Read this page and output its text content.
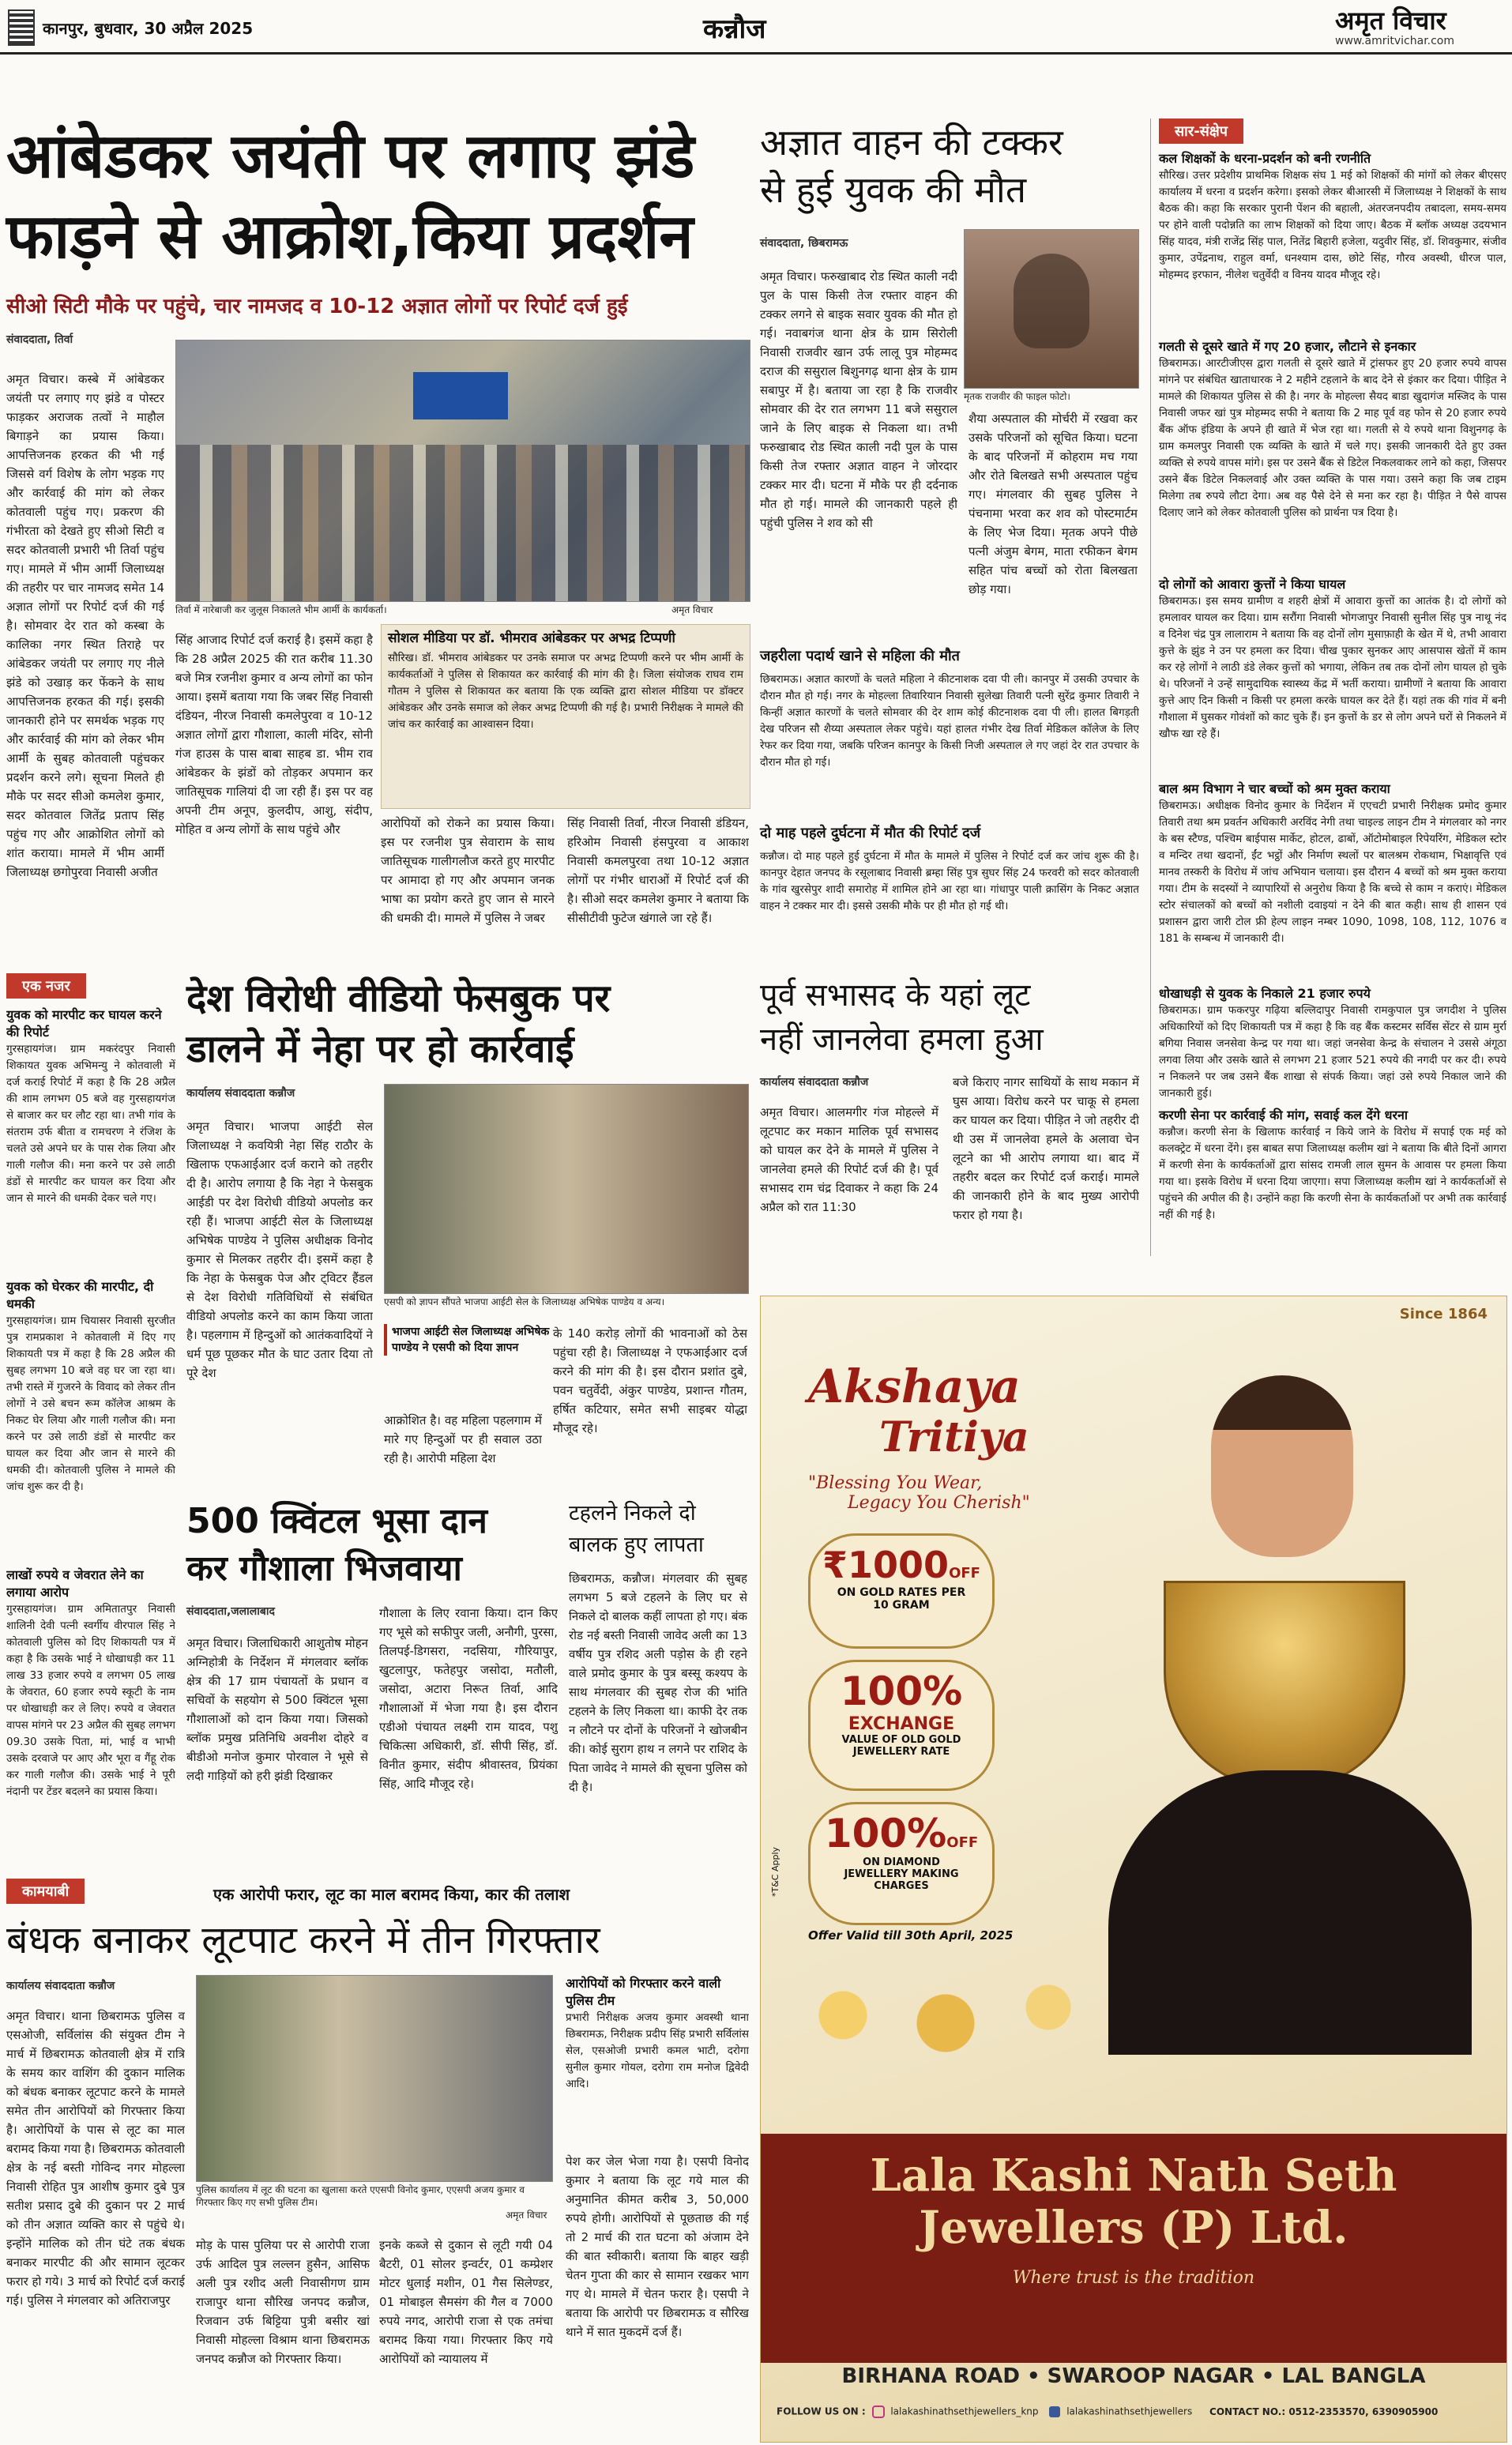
कानपुर, बुधवार, 30 अप्रैल 2025	कन्नौज	अमृत विचार
www.amritvichar.com
आंबेडकर जयंती पर लगाए झंडे
फाड़ने से आक्रोश,किया प्रदर्शन
सीओ सिटी मौके पर पहुंचे, चार नामजद व 10-12 अज्ञात लोगों पर रिपोर्ट दर्ज हुई
संवाददाता, तिर्वा

अमृत विचार। कस्बे में आंबेडकर जयंती पर लगाए गए झंडे व पोस्टर फाड़कर अराजक तत्वों ने माहौल बिगाड़ने का प्रयास किया। आपत्तिजनक हरकत की भी गई जिससे वर्ग विशेष के लोग भड़क गए और कार्रवाई की मांग को लेकर कोतवाली पहुंच गए। प्रकरण की गंभीरता को देखते हुए सीओ सिटी व सदर कोतवाली प्रभारी भी तिर्वा पहुंच गए। मामले में भीम आर्मी जिलाध्यक्ष की तहरीर पर चार नामजद समेत 14 अज्ञात लोगों पर रिपोर्ट दर्ज की गई है। सोमवार देर रात को कस्बा के कालिका नगर स्थित तिराहे पर आंबेडकर जयंती पर लगाए गए नीले झंडे को उखाड़ कर फेंकने के साथ आपत्तिजनक हरकत की गई। इसकी जानकारी होने पर समर्थक भड़क गए और कार्रवाई की मांग को लेकर भीम आर्मी के सुबह कोतवाली पहुंचकर प्रदर्शन करने लगे। सूचना मिलते ही मौके पर सदर सीओ कमलेश कुमार, सदर कोतवाल जितेंद्र प्रताप सिंह पहुंच गए और आक्रोशित लोगों को शांत कराया। मामले में भीम आर्मी जिलाध्यक्ष छगोपुरवा निवासी अजीत

तिर्वा में नारेबाजी कर जुलूस निकालते भीम आर्मी के कार्यकर्ता।	अमृत विचार

सिंह आजाद रिपोर्ट दर्ज कराई है। इसमें कहा है कि 28 अप्रैल 2025 की रात करीब 11.30 बजे मित्र रजनीश कुमार व अन्य लोगों का फोन आया। इसमें बताया गया कि जबर सिंह निवासी दंडियन, नीरज निवासी कमलेपुरवा व 10-12 अज्ञात लोगों द्वारा गौशाला, काली मंदिर, सोनी गंज हाउस के पास बाबा साहब डा. भीम राव आंबेडकर के झंडों को तोड़कर अपमान कर जातिसूचक गालियां दी जा रही हैं। इस पर वह अपनी टीम अनूप, कुलदीप, आशु, संदीप, मोहित व अन्य लोगों के साथ पहुंचे और

सोशल मीडिया पर डॉ. भीमराव आंबेडकर पर अभद्र टिप्पणी

सौरिख। डॉ. भीमराव आंबेडकर पर उनके समाज पर अभद्र टिप्पणी करने पर भीम आर्मी के कार्यकर्ताओं ने पुलिस से शिकायत कर कार्रवाई की मांग की है। जिला संयोजक राघव राम गौतम ने पुलिस से शिकायत कर बताया कि एक व्यक्ति द्वारा सोशल मीडिया पर डॉक्टर आंबेडकर और उनके समाज को लेकर अभद्र टिप्पणी की गई है। प्रभारी निरीक्षक ने मामले की जांच कर कार्रवाई का आश्वासन दिया।

आरोपियों को रोकने का प्रयास किया। इस पर रजनीश पुत्र सेवाराम के साथ जातिसूचक गालीगलौज करते हुए मारपीट पर आमादा हो गए और अपमान जनक भाषा का प्रयोग करते हुए जान से मारने की धमकी दी। मामले में पुलिस ने जबर

सिंह निवासी तिर्वा, नीरज निवासी डंडियन, हरिओम निवासी हंसपुरवा व आकाश निवासी कमलपुरवा तथा 10-12 अज्ञात लोगों पर गंभीर धाराओं में रिपोर्ट दर्ज की है। सीओ सदर कमलेश कुमार ने बताया कि सीसीटीवी फुटेज खंगाले जा रहे हैं।

अज्ञात वाहन की टक्कर
से हुई युवक की मौत
संवाददाता, छिबरामऊ
मृतक राजवीर की फाइल फोटो।

अमृत विचार। फरुखाबाद रोड स्थित काली नदी पुल के पास किसी तेज रफ्तार वाहन की टक्कर लगने से बाइक सवार युवक की मौत हो गई। नवाबगंज थाना क्षेत्र के ग्राम सिरोली निवासी राजवीर खान उर्फ लालू पुत्र मोहम्मद दराज की ससुराल बिशुनगढ़ थाना क्षेत्र के ग्राम सबापुर में है। बताया जा रहा है कि राजवीर सोमवार की देर रात लगभग 11 बजे ससुराल जाने के लिए बाइक से निकला था। तभी फरुखाबाद रोड स्थित काली नदी पुल के पास किसी तेज रफ्तार अज्ञात वाहन ने जोरदार टक्कर मार दी। घटना में मौके पर ही दर्दनाक मौत हो गई। मामले की जानकारी पहले ही पहुंची पुलिस ने शव को सी

शैया अस्पताल की मोर्चरी में रखवा कर उसके परिजनों को सूचित किया। घटना के बाद परिजनों में कोहराम मच गया और रोते बिलखते सभी अस्पताल पहुंच गए। मंगलवार की सुबह पुलिस ने पंचनामा भरवा कर शव को पोस्टमार्टम के लिए भेज दिया। मृतक अपने पीछे पत्नी अंजुम बेगम, माता रफीकन बेगम सहित पांच बच्चों को रोता बिलखता छोड़ गया।

जहरीला पदार्थ खाने से महिला की मौत

छिबरामऊ। अज्ञात कारणों के चलते महिला ने कीटनाशक दवा पी ली। कानपुर में उसकी उपचार के दौरान मौत हो गई। नगर के मोहल्ला तिवारियान निवासी सुलेखा तिवारी पत्नी सुरेंद्र कुमार तिवारी ने किन्हीं अज्ञात कारणों के चलते सोमवार की देर शाम कोई कीटनाशक दवा पी ली। हालत बिगड़ती देख परिजन सौ शैय्या अस्पताल लेकर पहुंचे। यहां हालत गंभीर देख तिर्वा मेडिकल कॉलेज के लिए रेफर कर दिया गया, जबकि परिजन कानपुर के किसी निजी अस्पताल ले गए जहां देर रात उपचार के दौरान मौत हो गई।

दो माह पहले दुर्घटना में मौत की रिपोर्ट दर्ज

कन्नौज। दो माह पहले हुई दुर्घटना में मौत के मामले में पुलिस ने रिपोर्ट दर्ज कर जांच शुरू की है। कानपुर देहात जनपद के रसूलाबाद निवासी ब्रम्हा सिंह पुत्र सुघर सिंह 24 फरवरी को सदर कोतवाली के गांव खुरसेपुर शादी समारोह में शामिल होने आ रहा था। गांधापुर पाली क्रासिंग के निकट अज्ञात वाहन ने टक्कर मार दी। इससे उसकी मौके पर ही मौत हो गई थी।

सार-संक्षेप
कल शिक्षकों के धरना-प्रदर्शन को बनी रणनीति

सौरिख। उत्तर प्रदेशीय प्राथमिक शिक्षक संघ 1 मई को शिक्षकों की मांगों को लेकर बीएसए कार्यालय में धरना व प्रदर्शन करेगा। इसको लेकर बीआरसी में जिलाध्यक्ष ने शिक्षकों के साथ बैठक की। कहा कि सरकार पुरानी पेंशन की बहाली, अंतरजनपदीय तबादला, समय-समय पर होने वाली पदोन्नति का लाभ शिक्षकों को दिया जाए। बैठक में ब्लॉक अध्यक्ष उदयभान सिंह यादव, मंत्री राजेंद्र सिंह पाल, नितेंद्र बिहारी हजेला, यदुवीर सिंह, डॉ. शिवकुमार, संजीव कुमार, उपेंद्रनाथ, राहुल वर्मा, धनश्याम दास, छोटे सिंह, गौरव अवस्थी, धीरज पाल, मोहम्मद इरफान, नीलेश चतुर्वेदी व विनय यादव मौजूद रहे।

गलती से दूसरे खाते में गए 20 हजार, लौटाने से इनकार

छिबरामऊ। आरटीजीएस द्वारा गलती से दूसरे खाते में ट्रांसफर हुए 20 हजार रुपये वापस मांगने पर संबंधित खाताधारक ने 2 महीने टहलाने के बाद देने से इंकार कर दिया। पीड़ित ने मामले की शिकायत पुलिस से की है। नगर के मोहल्ला सैयद बाडा खुदागंज मस्जिद के पास निवासी जफर खां पुत्र मोहम्मद सफी ने बताया कि 2 माह पूर्व वह फोन से 20 हजार रुपये बैंक ऑफ इंडिया के अपने ही खाते में भेज रहा था। गलती से ये रुपये थाना विशुनगढ़ के ग्राम कमलपुर निवासी एक व्यक्ति के खाते में चले गए। इसकी जानकारी देते हुए उक्त व्यक्ति से रुपये वापस मांगे। इस पर उसने बैंक से डिटेल निकलवाकर लाने को कहा, जिसपर उसने बैंक डिटेल निकलवाई और उक्त व्यक्ति के पास गया। उसने कहा कि जब टाइम मिलेगा तब रुपये लौटा देगा। अब वह पैसे देने से मना कर रहा है। पीड़ित ने पैसे वापस दिलाए जाने को लेकर कोतवाली पुलिस को प्रार्थना पत्र दिया है।

दो लोगों को आवारा कुत्तों ने किया घायल

छिबरामऊ। इस समय ग्रामीण व शहरी क्षेत्रों में आवारा कुत्तों का आतंक है। दो लोगों को हमलावर घायल कर दिया। ग्राम सरौंगा निवासी भोगजापुर निवासी सुनील सिंह पुत्र नाथू नंद व दिनेश चंद्र पुत्र लालाराम ने बताया कि वह दोनों लोग मुसाफ़ाही के खेत में थे, तभी आवारा कुत्ते के झुंड ने उन पर हमला कर दिया। चीख पुकार सुनकर आए आसपास खेतों में काम कर रहे लोगों ने लाठी डंडे लेकर कुत्तों को भगाया, लेकिन तब तक दोनों लोग घायल हो चुके थे। परिजनों ने उन्हें सामुदायिक स्वास्थ्य केंद्र में भर्ती कराया। ग्रामीणों ने बताया कि आवारा कुत्ते आए दिन किसी न किसी पर हमला करके घायल कर देते हैं। यहां तक की गांव में बनी गौशाला में घुसकर गोवंशों को काट चुके हैं। इन कुत्तों के डर से लोग अपने घरों से निकलने में खौफ खा रहे हैं।

बाल श्रम विभाग ने चार बच्चों को श्रम मुक्त कराया

छिबरामऊ। अधीक्षक विनोद कुमार के निर्देशन में एएचटी प्रभारी निरीक्षक प्रमोद कुमार तिवारी तथा श्रम प्रवर्तन अधिकारी अरविंद नेगी तथा चाइल्ड लाइन टीम ने मंगलवार को नगर के बस स्टैण्ड, पश्चिम बाईपास मार्केट, होटल, ढाबों, ऑटोमोबाइल रिपेयरिंग, मेडिकल स्टोर व मन्दिर तथा खदानों, ईंट भट्ठों और निर्माण स्थलों पर बालश्रम रोकथाम, भिक्षावृत्ति एवं मानव तस्करी के विरोध में जांच अभियान चलाया। इस दौरान 4 बच्चों को श्रम मुक्त कराया गया। टीम के सदस्यों ने व्यापारियों से अनुरोध किया है कि बच्चे से काम न कराएं। मेडिकल स्टोर संचालकों को बच्चों को नशीली दवाइयां न देने की बात कही। साथ ही शासन एवं प्रशासन द्वारा जारी टोल फ्री हेल्प लाइन नम्बर 1090, 1098, 108, 112, 1076 व 181 के सम्बन्ध में जानकारी दी।

धोखाधड़ी से युवक के निकाले 21 हजार रुपये

छिबरामऊ। ग्राम फकरपुर गढ़िया बल्लिदापुर निवासी रामकुपाल पुत्र जगदीश ने पुलिस अधिकारियों को दिए शिकायती पत्र में कहा है कि वह बैंक कस्टमर सर्विस सेंटर से ग्राम मुर्रा बगिया निवास जनसेवा केन्द्र पर गया था। जहां जनसेवा केन्द्र के संचालन ने उससे अंगूठा लगवा लिया और उसके खाते से लगभग 21 हजार 521 रुपये की नगदी पर कर दी। रुपये न निकलने पर जब उसने बैंक शाखा से संपर्क किया। जहां उसे रुपये निकाल जाने की जानकारी हुई।

करणी सेना पर कार्रवाई की मांग, सवाई कल देंगे धरना

कन्नौज। करणी सेना के खिलाफ कार्रवाई न किये जाने के विरोध में सपाई एक मई को कलक्ट्रेट में धरना देंगे। इस बाबत सपा जिलाध्यक्ष कलीम खां ने बताया कि बीते दिनों आगरा में करणी सेना के कार्यकर्ताओं द्वारा सांसद रामजी लाल सुमन के आवास पर हमला किया गया था। इसके विरोध में धरना दिया जाएगा। सपा जिलाध्यक्ष कलीम खां ने कार्यकर्ताओं से पहुंचने की अपील की है। उन्होंने कहा कि करणी सेना के कार्यकर्ताओं पर अभी तक कार्रवाई नहीं की गई है।

एक नजर
युवक को मारपीट कर घायल करने की रिपोर्ट

गुरसहायगंज। ग्राम मकरंदपुर निवासी शिकायत युवक अभिमन्यु ने कोतवाली में दर्ज कराई रिपोर्ट में कहा है कि 28 अप्रैल की शाम लगभग 05 बजे वह गुरसहायगंज से बाजार कर घर लौट रहा था। तभी गांव के संतराम उर्फ बीता व रामचरण ने रंजिश के चलते उसे अपने घर के पास रोक लिया और गाली गलौज की। मना करने पर उसे लाठी डंडों से मारपीट कर घायल कर दिया और जान से मारने की धमकी देकर चले गए।

युवक को घेरकर की मारपीट, दी धमकी

गुरसहायगंज। ग्राम चियासर निवासी सुरजीत पुत्र रामप्रकाश ने कोतवाली में दिए गए शिकायती पत्र में कहा है कि 28 अप्रैल की सुबह लगभग 10 बजे वह घर जा रहा था। तभी रास्ते में गुजरने के विवाद को लेकर तीन लोगों ने उसे बचन रूम कॉलेज आश्रम के निकट घेर लिया और गाली गलौज की। मना करने पर उसे लाठी डंडों से मारपीट कर घायल कर दिया और जान से मारने की धमकी दी। कोतवाली पुलिस ने मामले की जांच शुरू कर दी है।

लाखों रुपये व जेवरात लेने का लगाया आरोप

गुरसहायगंज। ग्राम अमितातपुर निवासी शालिनी देवी पत्नी स्वर्गीय वीरपाल सिंह ने कोतवाली पुलिस को दिए शिकायती पत्र में कहा है कि उसके भाई ने धोखाधड़ी कर 11 लाख 33 हजार रुपये व लगभग 05 लाख के जेवरात, 60 हजार रुपये स्कूटी के नाम पर धोखाधड़ी कर ले लिए। रुपये व जेवरात वापस मांगने पर 23 अप्रैल की सुबह लगभग 09.30 उसके पिता, मां, भाई व भाभी उसके दरवाजे पर आए और भूरा व गैंहू रोक कर गाली गलौज की। उसके भाई ने पूरी नंदानी पर टेंडर बदलने का प्रयास किया।

देश विरोधी वीडियो फेसबुक पर
डालने में नेहा पर हो कार्रवाई
कार्यालय संवाददाता कन्नौज

अमृत विचार। भाजपा आईटी सेल जिलाध्यक्ष ने कवयित्री नेहा सिंह राठौर के खिलाफ एफआईआर दर्ज कराने को तहरीर दी है। आरोप लगाया है कि नेहा ने फेसबुक आईडी पर देश विरोधी वीडियो अपलोड कर रही हैं। भाजपा आईटी सेल के जिलाध्यक्ष अभिषेक पाण्डेय ने पुलिस अधीक्षक विनोद कुमार से मिलकर तहरीर दी। इसमें कहा है कि नेहा के फेसबुक पेज और ट्विटर हैंडल से देश विरोधी गतिविधियों से संबंधित वीडियो अपलोड करने का काम किया जाता है। पहलगाम में हिन्दुओं को आतंकवादियों ने धर्म पूछ पूछकर मौत के घाट उतार दिया तो पूरे देश

एसपी को ज्ञापन सौंपते भाजपा आईटी सेल के जिलाध्यक्ष अभिषेक पाण्डेय व अन्य।
भाजपा आईटी सेल जिलाध्यक्ष अभिषेक पाण्डेय ने एसपी को दिया ज्ञापन

आक्रोशित है। वह महिला पहलगाम में मारे गए हिन्दुओं पर ही सवाल उठा रही है। आरोपी महिला देश

के 140 करोड़ लोगों की भावनाओं को ठेस पहुंचा रही है। जिलाध्यक्ष ने एफआईआर दर्ज करने की मांग की है। इस दौरान प्रशांत दुबे, पवन चतुर्वेदी, अंकुर पाण्डेय, प्रशान्त गौतम, हर्षित कटियार, समेत सभी साइबर योद्धा मौजूद रहे।

पूर्व सभासद के यहां लूट
नहीं जानलेवा हमला हुआ
कार्यालय संवाददाता कन्नौज

अमृत विचार। आलमगीर गंज मोहल्ले में लूटपाट कर मकान मालिक पूर्व सभासद को घायल कर देने के मामले में पुलिस ने जानलेवा हमले की रिपोर्ट दर्ज की है। पूर्व सभासद राम चंद्र दिवाकर ने कहा कि 24 अप्रैल को रात 11:30

बजे किराए नागर साथियों के साथ मकान में घुस आया। विरोध करने पर चाकू से हमला कर घायल कर दिया। पीड़ित ने जो तहरीर दी थी उस में जानलेवा हमले के अलावा चेन लूटने का भी आरोप लगाया था। बाद में तहरीर बदल कर रिपोर्ट दर्ज कराई। मामले की जानकारी होने के बाद मुख्य आरोपी फरार हो गया है।

500 क्विंटल भूसा दान
कर गौशाला भिजवाया
संवाददाता,जलालाबाद

अमृत विचार। जिलाधिकारी आशुतोष मोहन अग्निहोत्री के निर्देशन में मंगलवार ब्लॉक क्षेत्र की 17 ग्राम पंचायतों के प्रधान व सचिवों के सहयोग से 500 क्विंटल भूसा गौशालाओं को दान किया गया। जिसको ब्लॉक प्रमुख प्रतिनिधि अवनीश दोहरे व बीडीओ मनोज कुमार पोरवाल ने भूसे से लदी गाड़ियों को हरी झंडी दिखाकर

गौशाला के लिए रवाना किया। दान किए गए भूसे को सफीपुर जली, अनौगी, पुरसा, तिलपई-डिगसरा, नदसिया, गौरियापुर, खुटलापुर, फतेहपुर जसोदा, मतौली, जसोदा, अटारा निरूत तिर्वा, आदि गौशालाओं में भेजा गया है। इस दौरान एडीओ पंचायत लक्ष्मी राम यादव, पशु चिकित्सा अधिकारी, डॉ. सीपी सिंह, डॉ. विनीत कुमार, संदीप श्रीवास्तव, प्रियंका सिंह, आदि मौजूद रहे।

टहलने निकले दो
बालक हुए लापता

छिबरामऊ, कन्नौज। मंगलवार की सुबह लगभग 5 बजे टहलने के लिए घर से निकले दो बालक कहीं लापता हो गए। बंक रोड नई बस्ती निवासी जावेद अली का 13 वर्षीय पुत्र रशिद अली पड़ोस के ही रहने वाले प्रमोद कुमार के पुत्र बस्सू कश्यप के साथ मंगलवार की सुबह रोज की भांति टहलने के लिए निकला था। काफी देर तक न लौटने पर दोनों के परिजनों ने खोजबीन की। कोई सुराग हाथ न लगने पर राशिद के पिता जावेद ने मामले की सूचना पुलिस को दी है।

कामयाबी	एक आरोपी फरार, लूट का माल बरामद किया, कार की तलाश
बंधक बनाकर लूटपाट करने में तीन गिरफ्तार
कार्यालय संवाददाता कन्नौज

अमृत विचार। थाना छिबरामऊ पुलिस व एसओजी, सर्विलांस की संयुक्त टीम ने मार्च में छिबरामऊ कोतवाली क्षेत्र में रात्रि के समय कार वाशिंग की दुकान मालिक को बंधक बनाकर लूटपाट करने के मामले समेत तीन आरोपियों को गिरफ्तार किया है। आरोपियों के पास से लूट का माल बरामद किया गया है। छिबरामऊ कोतवाली क्षेत्र के नई बस्ती गोविन्द नगर मोहल्ला निवासी रोहित पुत्र आशीष कुमार दुबे पुत्र सतीश प्रसाद दुबे की दुकान पर 2 मार्च को तीन अज्ञात व्यक्ति कार से पहुंचे थे। इन्होंने मालिक को तीन घंटे तक बंधक बनाकर मारपीट की और सामान लूटकर फरार हो गये। 3 मार्च को रिपोर्ट दर्ज कराई गई। पुलिस ने मंगलवार को अतिराजपुर

पुलिस कार्यालय में लूट की घटना का खुलासा करते एएसपी विनोद कुमार, एएसपी अजय कुमार व गिरफ्तार किए गए सभी पुलिस टीम।
अमृत विचार

मोड़ के पास पुलिया पर से आरोपी राजा उर्फ आदिल पुत्र लल्लन हुसैन, आसिफ अली पुत्र रशीद अली निवासीगण ग्राम राजापुर थाना सौरिख जनपद कन्नौज, रिजवान उर्फ बिट्टिया पुत्री बसीर खां निवासी मोहल्ला विश्राम थाना छिबरामऊ जनपद कन्नौज को गिरफ्तार किया।

इनके कब्जे से दुकान से लूटी गयी 04 बैटरी, 01 सोलर इन्वर्टर, 01 कम्प्रेशर मोटर धुलाई मशीन, 01 गैस सिलेण्डर, 01 मोबाइल सैमसंग की गैल व 7000 रुपये नगद, आरोपी राजा से एक तमंचा बरामद किया गया। गिरफ्तार किए गये आरोपियों को न्यायालय में

आरोपियों को गिरफ्तार करने वाली पुलिस टीम

प्रभारी निरीक्षक अजय कुमार अवस्थी थाना छिबरामऊ, निरीक्षक प्रदीप सिंह प्रभारी सर्विलांस सेल, एसओजी प्रभारी कमल भाटी, दरोगा सुनील कुमार गोयल, दरोगा राम मनोज द्विवेदी आदि।

पेश कर जेल भेजा गया है। एसपी विनोद कुमार ने बताया कि लूट गये माल की अनुमानित कीमत करीब 3, 50,000 रुपये होगी। आरोपियों से पूछताछ की गई तो 2 मार्च की रात घटना को अंजाम देने की बात स्वीकारी। बताया कि बाहर खड़ी चेतन गुप्ता की कार से सामान रखकर भाग गए थे। मामले में चेतन फरार है। एसपी ने बताया कि आरोपी पर छिबरामऊ व सौरिख थाने में सात मुकदमें दर्ज हैं।

Since 1864
Akshaya
Tritiya
"Blessing You Wear,
Legacy You Cherish"
₹1000OFF
ON GOLD RATES PER 10 GRAM
100%
EXCHANGE
VALUE OF OLD GOLD JEWELLERY RATE
100%OFF
ON DIAMOND JEWELLERY MAKING CHARGES
Offer Valid till 30th April, 2025
*T&C Apply
Lala Kashi Nath Seth
Jewellers (P) Ltd.
Where trust is the tradition
BIRHANA ROAD • SWAROOP NAGAR • LAL BANGLA
FOLLOW US ON :	lalakashinathsethjewellers_knp	lalakashinathsethjewellers CONTACT NO.: 0512-2353570, 6390905900
